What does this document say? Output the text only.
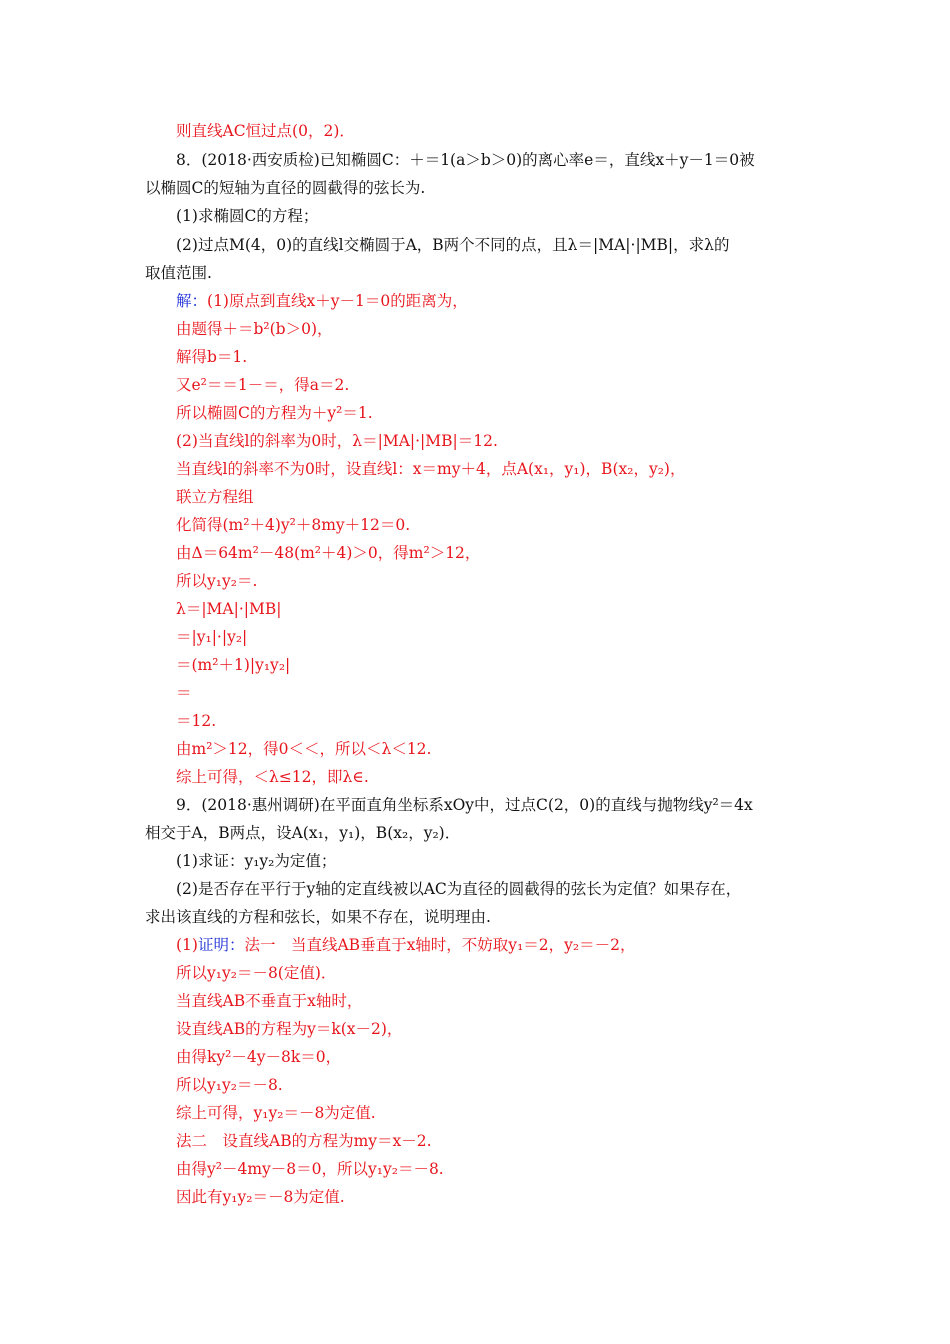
则直线AC恒过点(0，2)．
8．(2018·西安质检)已知椭圆C：＋＝1(a＞b＞0)的离心率e＝，直线x＋y－1＝0被
以椭圆C的短轴为直径的圆截得的弦长为.
(1)求椭圆C的方程；
(2)过点M(4，0)的直线l交椭圆于A，B两个不同的点，且λ＝|MA|·|MB|，求λ的
取值范围.
解：(1)原点到直线x＋y－1＝0的距离为，
由题得＋＝b²(b＞0)，
解得b＝1.
又e²＝＝1－＝，得a＝2.
所以椭圆C的方程为＋y²＝1.
(2)当直线l的斜率为0时，λ＝|MA|·|MB|＝12.
当直线l的斜率不为0时，设直线l：x＝my＋4，点A(x₁，y₁)，B(x₂，y₂)，
联立方程组
化简得(m²＋4)y²＋8my＋12＝0.
由Δ＝64m²－48(m²＋4)＞0，得m²＞12，
所以y₁y₂＝.
λ＝|MA|·|MB|
＝|y₁|·|y₂|
＝(m²＋1)|y₁y₂|
＝
＝12.
由m²＞12，得0＜＜，所以＜λ＜12.
综上可得，＜λ≤12，即λ∈.
9．(2018·惠州调研)在平面直角坐标系xOy中，过点C(2，0)的直线与抛物线y²＝4x
相交于A，B两点，设A(x₁，y₁)，B(x₂，y₂)．
(1)求证：y₁y₂为定值；
(2)是否存在平行于y轴的定直线被以AC为直径的圆截得的弦长为定值？如果存在，
求出该直线的方程和弦长，如果不存在，说明理由.
(1)证明：法一　当直线AB垂直于x轴时，不妨取y₁＝2，y₂＝－2，
所以y₁y₂＝－8(定值)．
当直线AB不垂直于x轴时，
设直线AB的方程为y＝k(x－2)，
由得ky²－4y－8k＝0，
所以y₁y₂＝－8.
综上可得，y₁y₂＝－8为定值.
法二　设直线AB的方程为my＝x－2.
由得y²－4my－8＝0，所以y₁y₂＝－8.
因此有y₁y₂＝－8为定值.
